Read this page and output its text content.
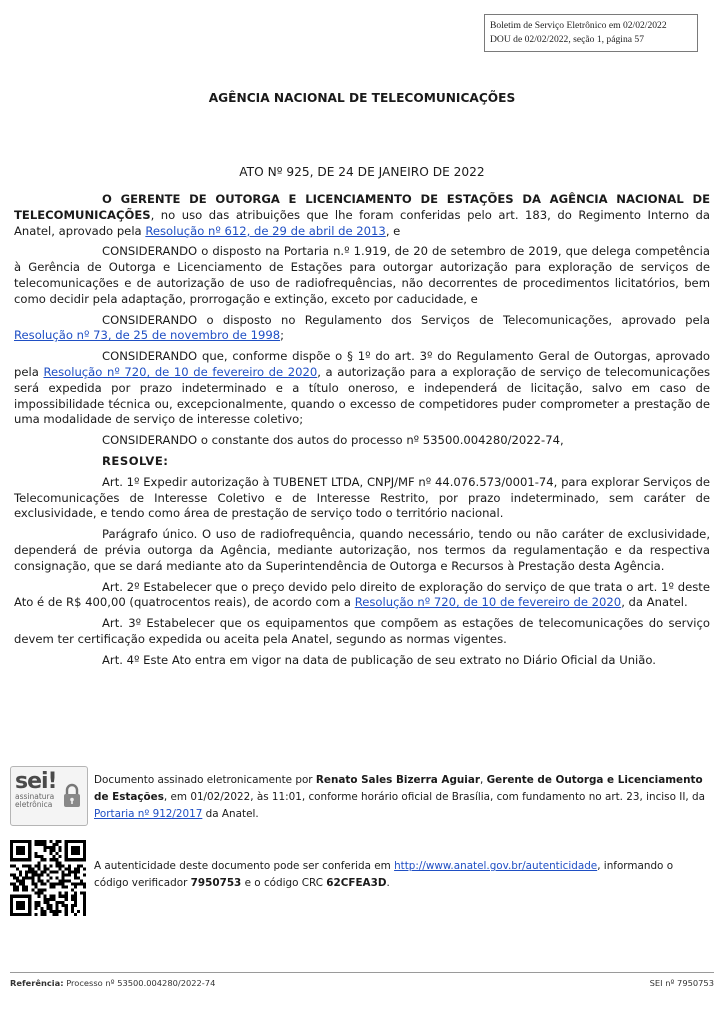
Boletim de Serviço Eletrônico em 02/02/2022
DOU de 02/02/2022, seção 1, página 57
AGÊNCIA NACIONAL DE TELECOMUNICAÇÕES
ATO Nº 925, DE 24 DE JANEIRO DE 2022

O GERENTE DE OUTORGA E LICENCIAMENTO DE ESTAÇÕES DA AGÊNCIA NACIONAL DE TELECOMUNICAÇÕES, no uso das atribuições que lhe foram conferidas pelo art. 183, do Regimento Interno da Anatel, aprovado pela Resolução nº 612, de 29 de abril de 2013, e

CONSIDERANDO o disposto na Portaria n.º 1.919, de 20 de setembro de 2019, que delega competência à Gerência de Outorga e Licenciamento de Estações para outorgar autorização para exploração de serviços de telecomunicações e de autorização de uso de radiofrequências, não decorrentes de procedimentos licitatórios, bem como decidir pela adaptação, prorrogação e extinção, exceto por caducidade, e

CONSIDERANDO o disposto no Regulamento dos Serviços de Telecomunicações, aprovado pela Resolução nº 73, de 25 de novembro de 1998;

CONSIDERANDO que, conforme dispõe o § 1º do art. 3º do Regulamento Geral de Outorgas, aprovado pela Resolução nº 720, de 10 de fevereiro de 2020, a autorização para a exploração de serviço de telecomunicações será expedida por prazo indeterminado e a título oneroso, e independerá de licitação, salvo em caso de impossibilidade técnica ou, excepcionalmente, quando o excesso de competidores puder comprometer a prestação de uma modalidade de serviço de interesse coletivo;

CONSIDERANDO o constante dos autos do processo nº 53500.004280/2022-74,

RESOLVE:

Art. 1º Expedir autorização à TUBENET LTDA, CNPJ/MF nº 44.076.573/0001-74, para explorar Serviços de Telecomunicações de Interesse Coletivo e de Interesse Restrito, por prazo indeterminado, sem caráter de exclusividade, e tendo como área de prestação de serviço todo o território nacional.

Parágrafo único. O uso de radiofrequência, quando necessário, tendo ou não caráter de exclusividade, dependerá de prévia outorga da Agência, mediante autorização, nos termos da regulamentação e da respectiva consignação, que se dará mediante ato da Superintendência de Outorga e Recursos à Prestação desta Agência.

Art. 2º Estabelecer que o preço devido pelo direito de exploração do serviço de que trata o art. 1º deste Ato é de R$ 400,00 (quatrocentos reais), de acordo com a Resolução nº 720, de 10 de fevereiro de 2020, da Anatel.

Art. 3º Estabelecer que os equipamentos que compõem as estações de telecomunicações do serviço devem ter certificação expedida ou aceita pela Anatel, segundo as normas vigentes.

Art. 4º Este Ato entra em vigor na data de publicação de seu extrato no Diário Oficial da União.

sei!
assinatura
eletrônica
Documento assinado eletronicamente por Renato Sales Bizerra Aguiar, Gerente de Outorga e Licenciamento de Estações, em 01/02/2022, às 11:01, conforme horário oficial de Brasília, com fundamento no art. 23, inciso II, da Portaria nº 912/2017 da Anatel.
A autenticidade deste documento pode ser conferida em http://www.anatel.gov.br/autenticidade, informando o código verificador 7950753 e o código CRC 62CFEA3D.
Referência: Processo nº 53500.004280/2022-74	SEI nº 7950753
